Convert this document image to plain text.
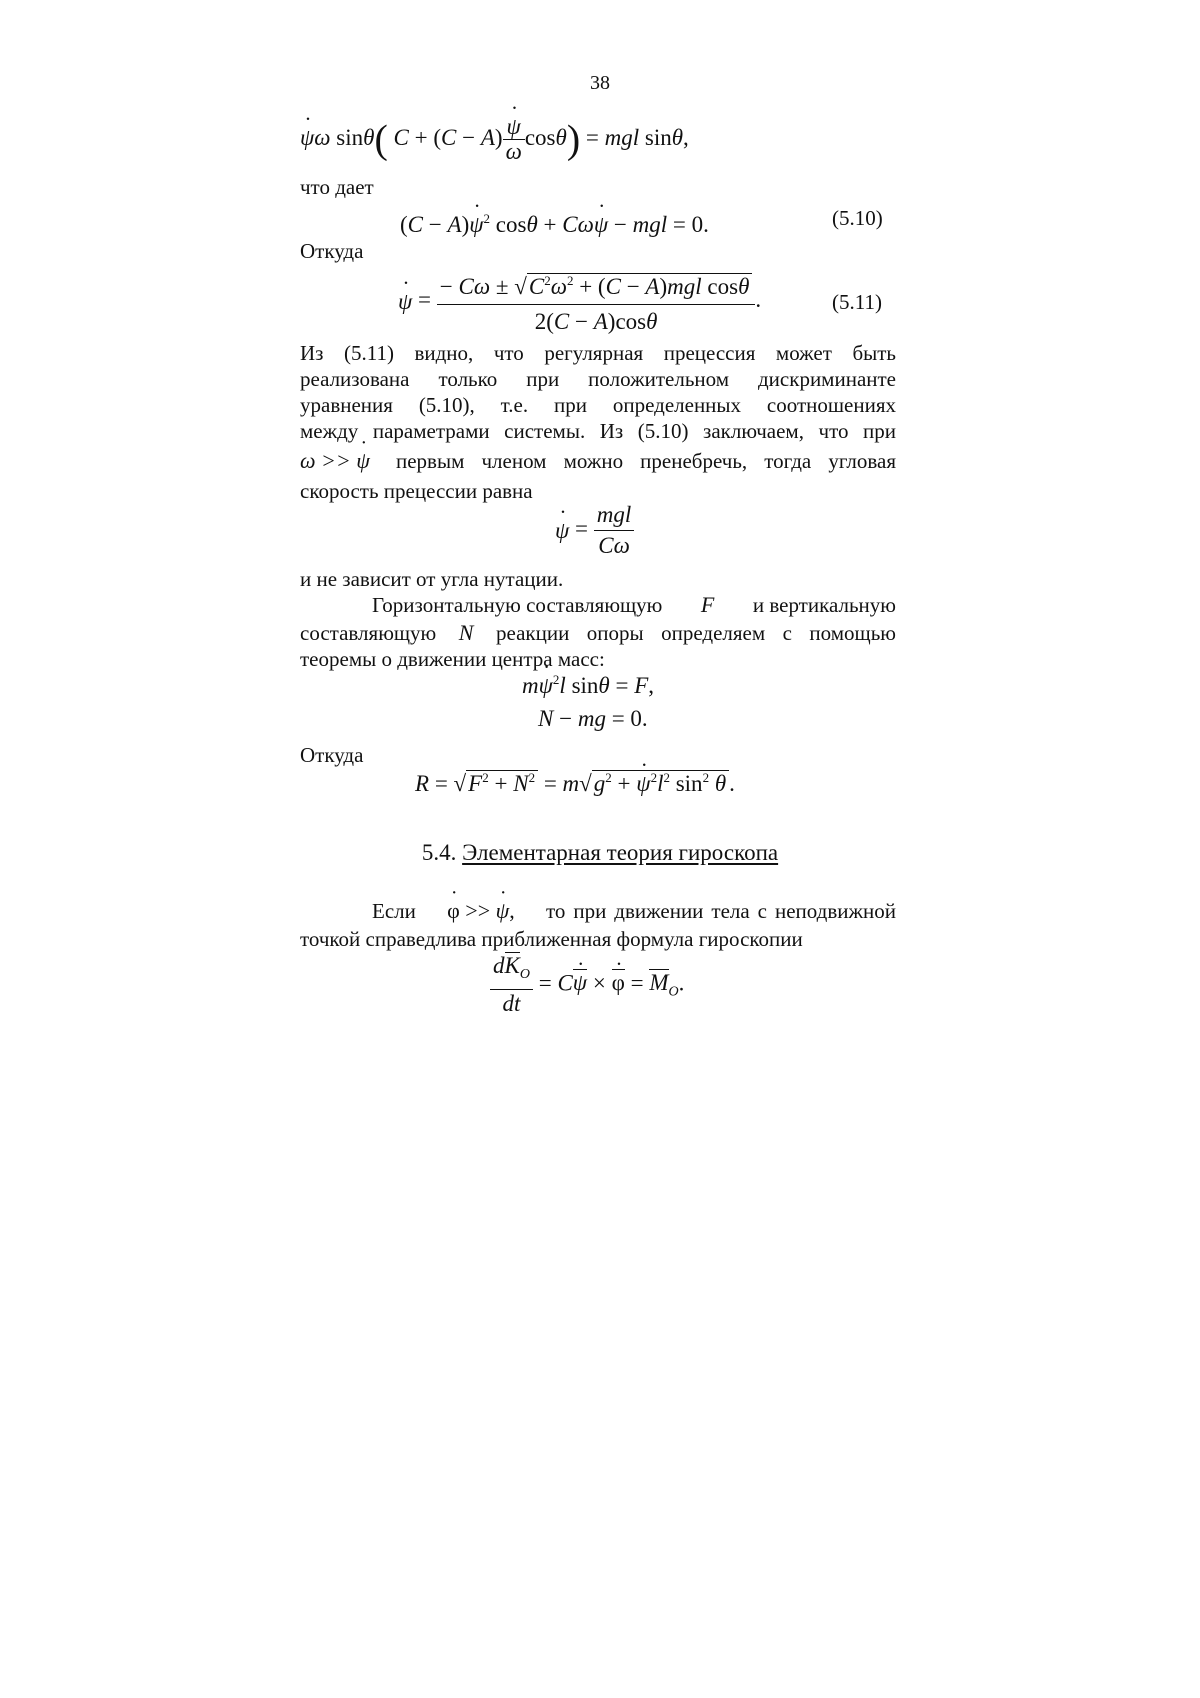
38
ψ ˙ω sinθ( $C + (C - A) \frac{\psi ˙}{\omega} \cos\theta$) = mgl sinθ,
что дает
(C − A)ψ ˙$^2$ cosθ + Cωψ ˙ − mgl = 0.	(5.10)
Откуда
ψ ˙ = $\frac{- C\omega \pm √C^2\omega^2 + (C - A)mgl \cos\theta}{2(C - A)\cos\theta}$ .	(5.11)
Из (5.11) видно, что регулярная прецессия может быть
реализована только при положительном дискриминанте
уравнения (5.10), т.е. при определенных соотношениях
между параметрами системы. Из (5.10) заключаем, что при
ω >> ψ ˙ первым членом можно пренебречь, тогда угловая
скорость прецессии равна
ψ ˙ = $\frac{\text{mgl}}{C\omega}$
и не зависит от угла нутации.
Горизонтальную составляющую F и вертикальную
составляющую N реакции опоры определяем с помощью
теоремы о движении центра масс:
mψ ˙$^2$l sinθ = F,
N − mg = 0.
Откуда
$R = √F^2 + N^2 = m√g^2 + \psi$ $˙^2l^2$ $\sin^2 \theta$ .
5.4. Элементарная теория гироскопа
Если φ ˙ >> ψ ˙, то при движении тела с неподвижной
точкой справедлива приближенная формула гироскопии
$\frac{dK_O}{dt} = C\psi$ ˙ × φ ˙ = $M_O$.
